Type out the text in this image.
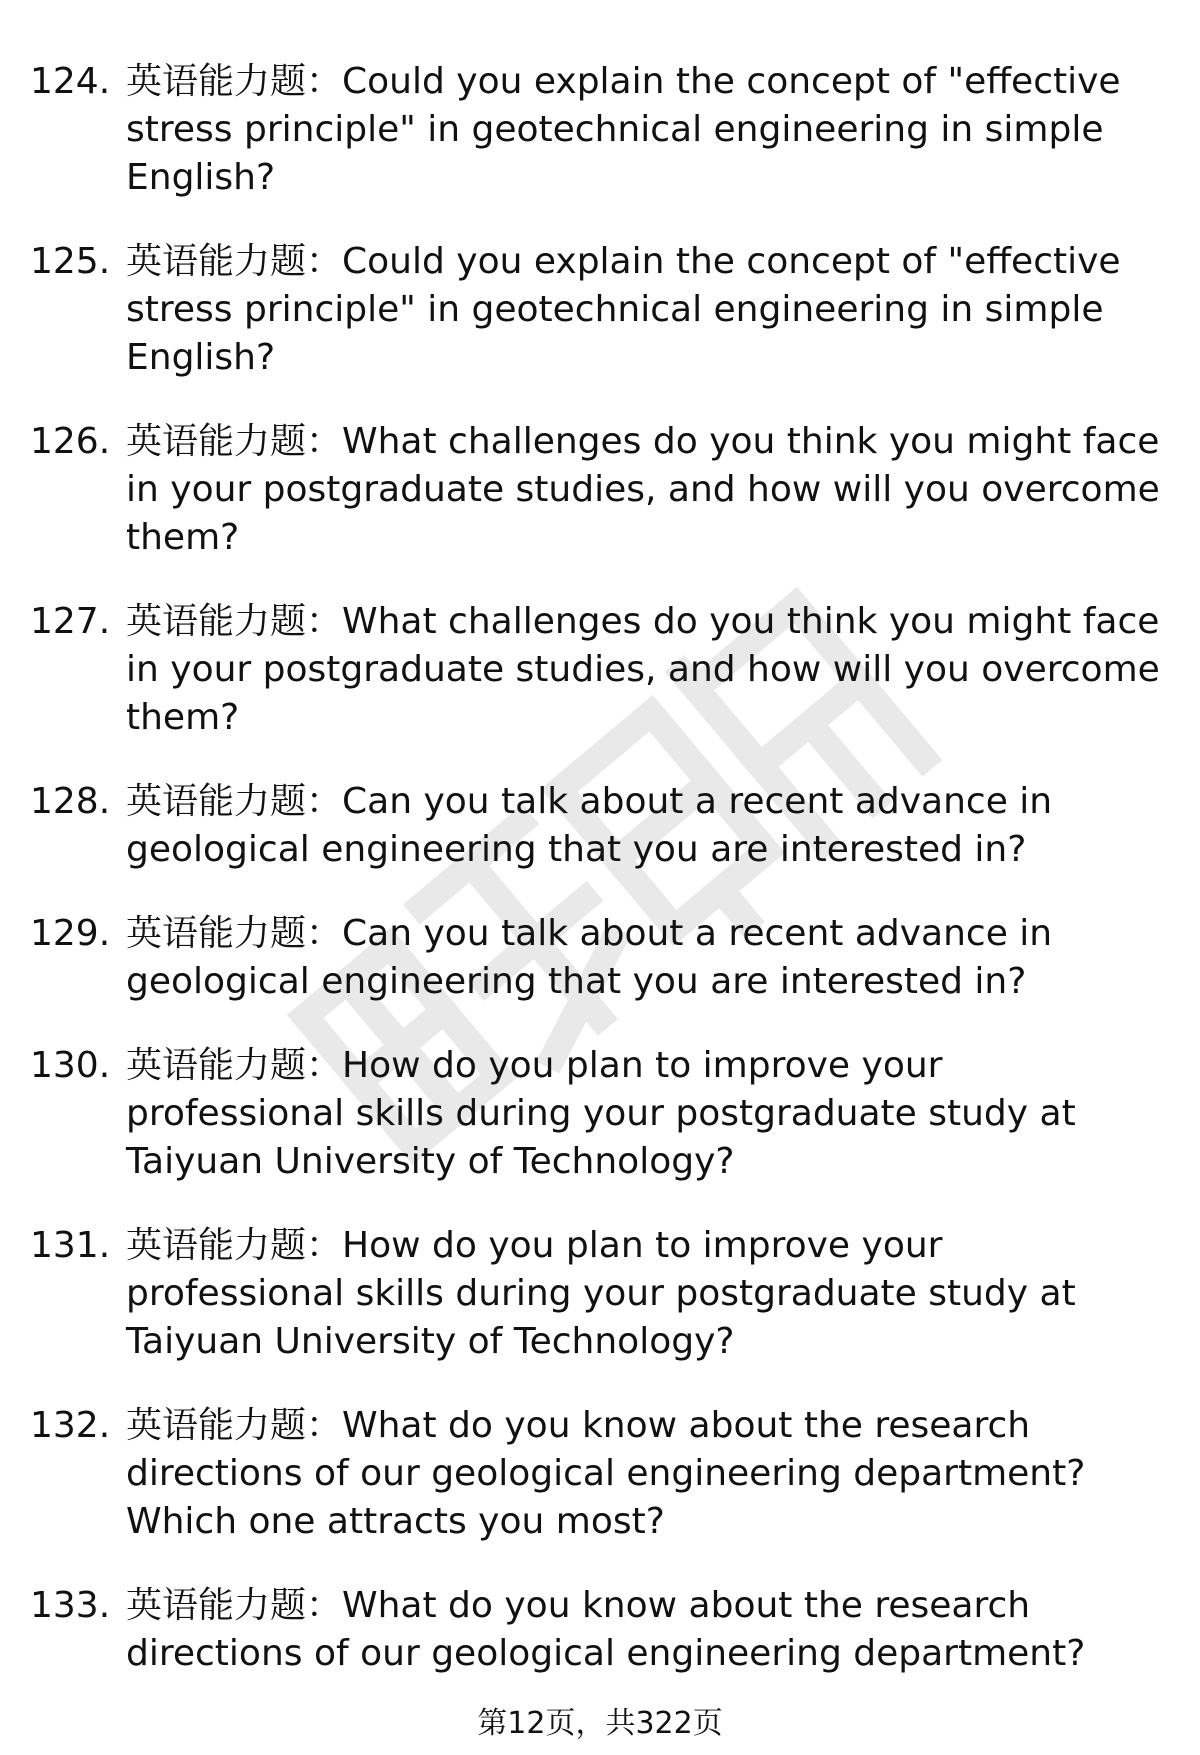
124. 英语能力题：Could you explain the concept of "effective stress principle" in geotechnical engineering in simple English?
125. 英语能力题：Could you explain the concept of "effective stress principle" in geotechnical engineering in simple English?
126. 英语能力题：What challenges do you think you might face in your postgraduate studies, and how will you overcome them?
127. 英语能力题：What challenges do you think you might face in your postgraduate studies, and how will you overcome them?
128. 英语能力题：Can you talk about a recent advance in geological engineering that you are interested in?
129. 英语能力题：Can you talk about a recent advance in geological engineering that you are interested in?
130. 英语能力题：How do you plan to improve your professional skills during your postgraduate study at Taiyuan University of Technology?
131. 英语能力题：How do you plan to improve your professional skills during your postgraduate study at Taiyuan University of Technology?
132. 英语能力题：What do you know about the research directions of our geological engineering department? Which one attracts you most?
133. 英语能力题：What do you know about the research directions of our geological engineering department?
第12页，共322页
